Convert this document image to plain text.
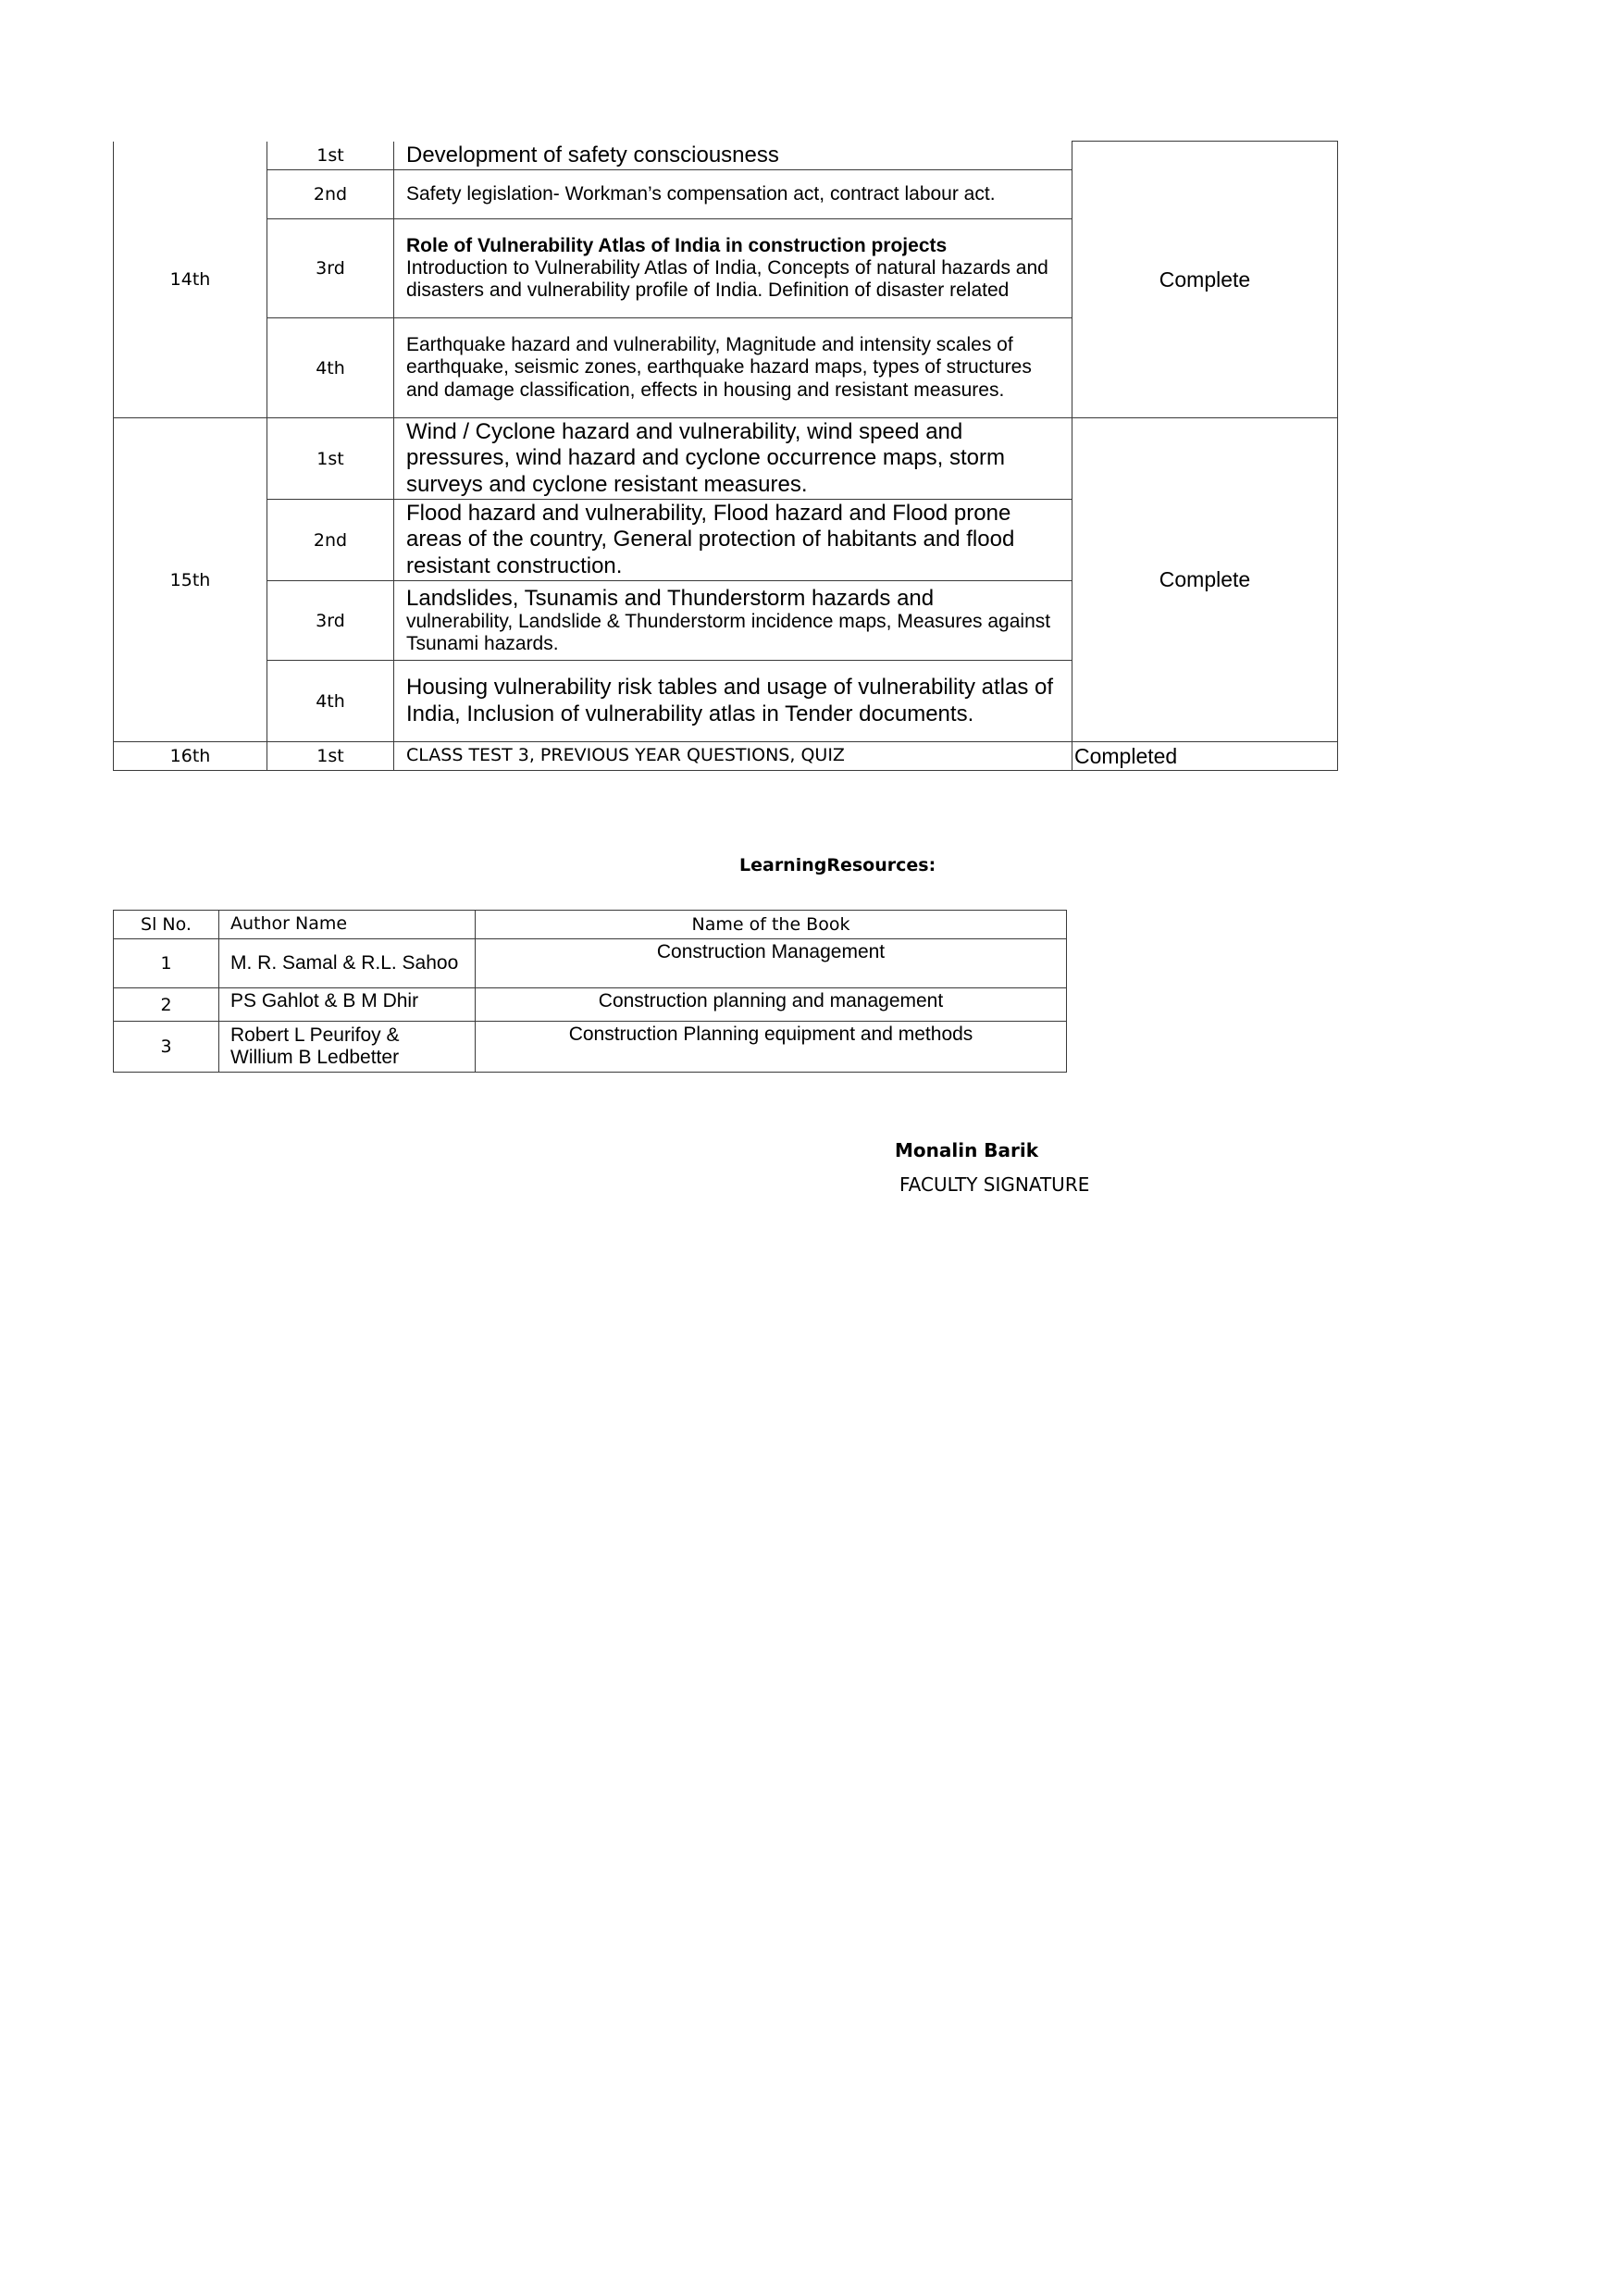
14th	1st	Development of safety consciousness	Complete
	2nd	Safety legislation- Workman’s compensation act, contract labour act.	
	3rd	Role of Vulnerability Atlas of India in construction projects
Introduction to Vulnerability Atlas of India, Concepts of natural hazards and disasters and vulnerability profile of India. Definition of disaster related	

	4th	Earthquake hazard and vulnerability, Magnitude and intensity scales of earthquake, seismic zones, earthquake hazard maps, types of structures and damage classification, effects in housing and resistant measures.	
15th	1st	Wind / Cyclone hazard and vulnerability, wind speed and pressures, wind hazard and cyclone occurrence maps, storm surveys and cyclone resistant measures.	Complete
	2nd	Flood hazard and vulnerability, Flood hazard and Flood prone areas of the country, General protection of habitants and flood resistant construction.	
	3rd	Landslides, Tsunamis and Thunderstorm hazards and
vulnerability, Landslide & Thunderstorm incidence maps, Measures against Tsunami hazards.	

	4th	Housing vulnerability risk tables and usage of vulnerability atlas of India, Inclusion of vulnerability atlas in Tender documents.	
16th	1st	CLASS TEST 3, PREVIOUS YEAR QUESTIONS, QUIZ	Completed
LearningResources:
Sl No.	Author Name	Name of the Book
1	M. R. Samal & R.L. Sahoo	Construction Management
2	PS Gahlot & B M Dhir	Construction planning and management
3	Robert L Peurifoy & Willium B Ledbetter	Construction Planning equipment and methods
Monalin Barik
FACULTY SIGNATURE
